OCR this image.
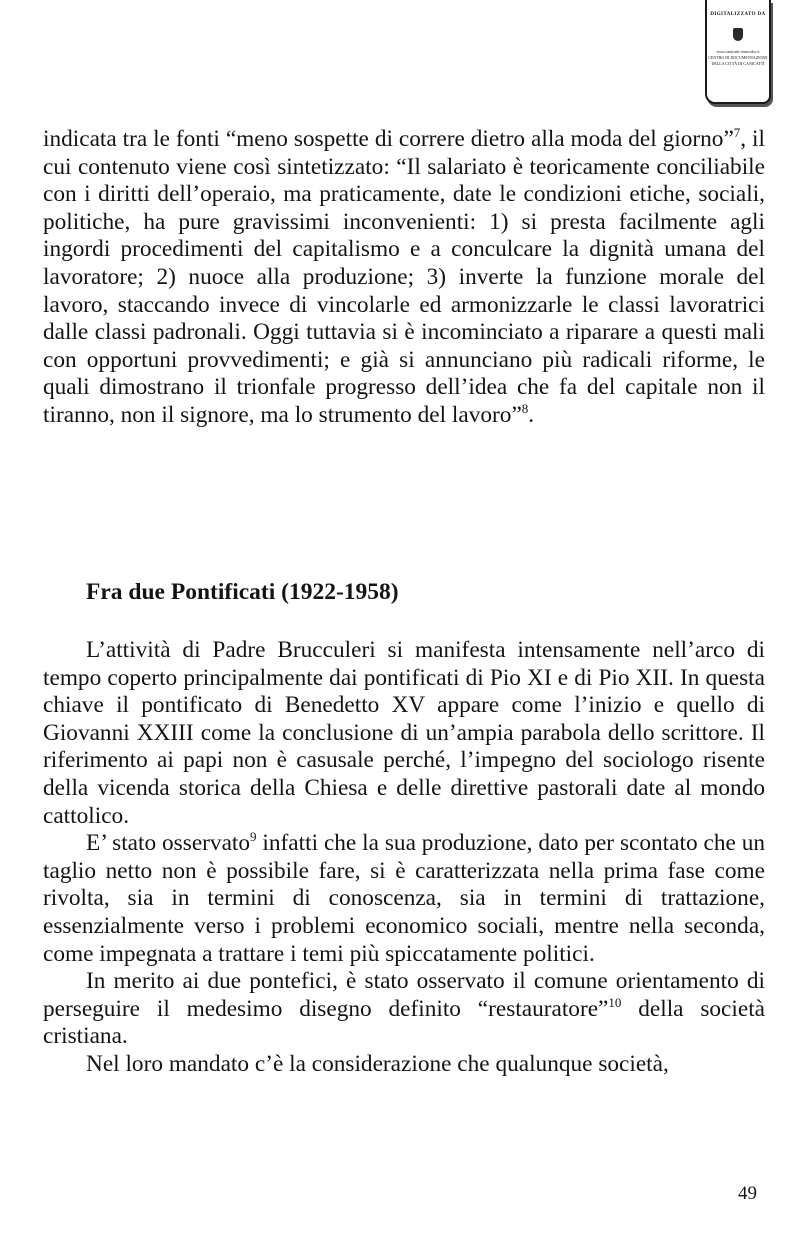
DIGITALIZZATO DA
www.canicatti-centrodoc.it
CENTRO DI DOCUMENTAZIONE
DELLA CITTÀ DI CANICATTÌ

indicata tra le fonti “meno sospette di correre dietro alla moda del giorno”$^7$, il cui contenuto viene così sintetizzato: “Il salariato è teoricamente conciliabile con i diritti dell’operaio, ma praticamente, date le condizioni etiche, sociali, politiche, ha pure gravissimi inconvenienti: 1) si presta facilmente agli ingordi procedimenti del capitalismo e a conculcare la dignità umana del lavoratore; 2) nuoce alla produzione; 3) inverte la funzione morale del lavoro, staccando invece di vincolarle ed armonizzarle le classi lavoratrici dalle classi padronali. Oggi tuttavia si è incominciato a riparare a questi mali con opportuni provvedimenti; e già si annunciano più radicali riforme, le quali dimostrano il trionfale progresso dell’idea che fa del capitale non il tiranno, non il signore, ma lo strumento del lavoro”$^8$.

Fra due Pontificati (1922-1958)

L’attività di Padre Brucculeri si manifesta intensamente nell’arco di tempo coperto principalmente dai pontificati di Pio XI e di Pio XII. In questa chiave il pontificato di Benedetto XV appare come l’inizio e quello di Giovanni XXIII come la conclusione di un’ampia parabola dello scrittore. Il riferimento ai papi non è casusale perché, l’impegno del sociologo risente della vicenda storica della Chiesa e delle direttive pastorali date al mondo cattolico.

E’ stato osservato$^9$ infatti che la sua produzione, dato per scontato che un taglio netto non è possibile fare, si è caratterizzata nella prima fase come rivolta, sia in termini di conoscenza, sia in termini di trattazione, essenzialmente verso i problemi economico sociali, mentre nella seconda, come impegnata a trattare i temi più spiccatamente politici.

In merito ai due pontefici, è stato osservato il comune orientamento di perseguire il medesimo disegno definito “restauratore”$^{10}$ della società cristiana.

Nel loro mandato c’è la considerazione che qualunque società,

49
